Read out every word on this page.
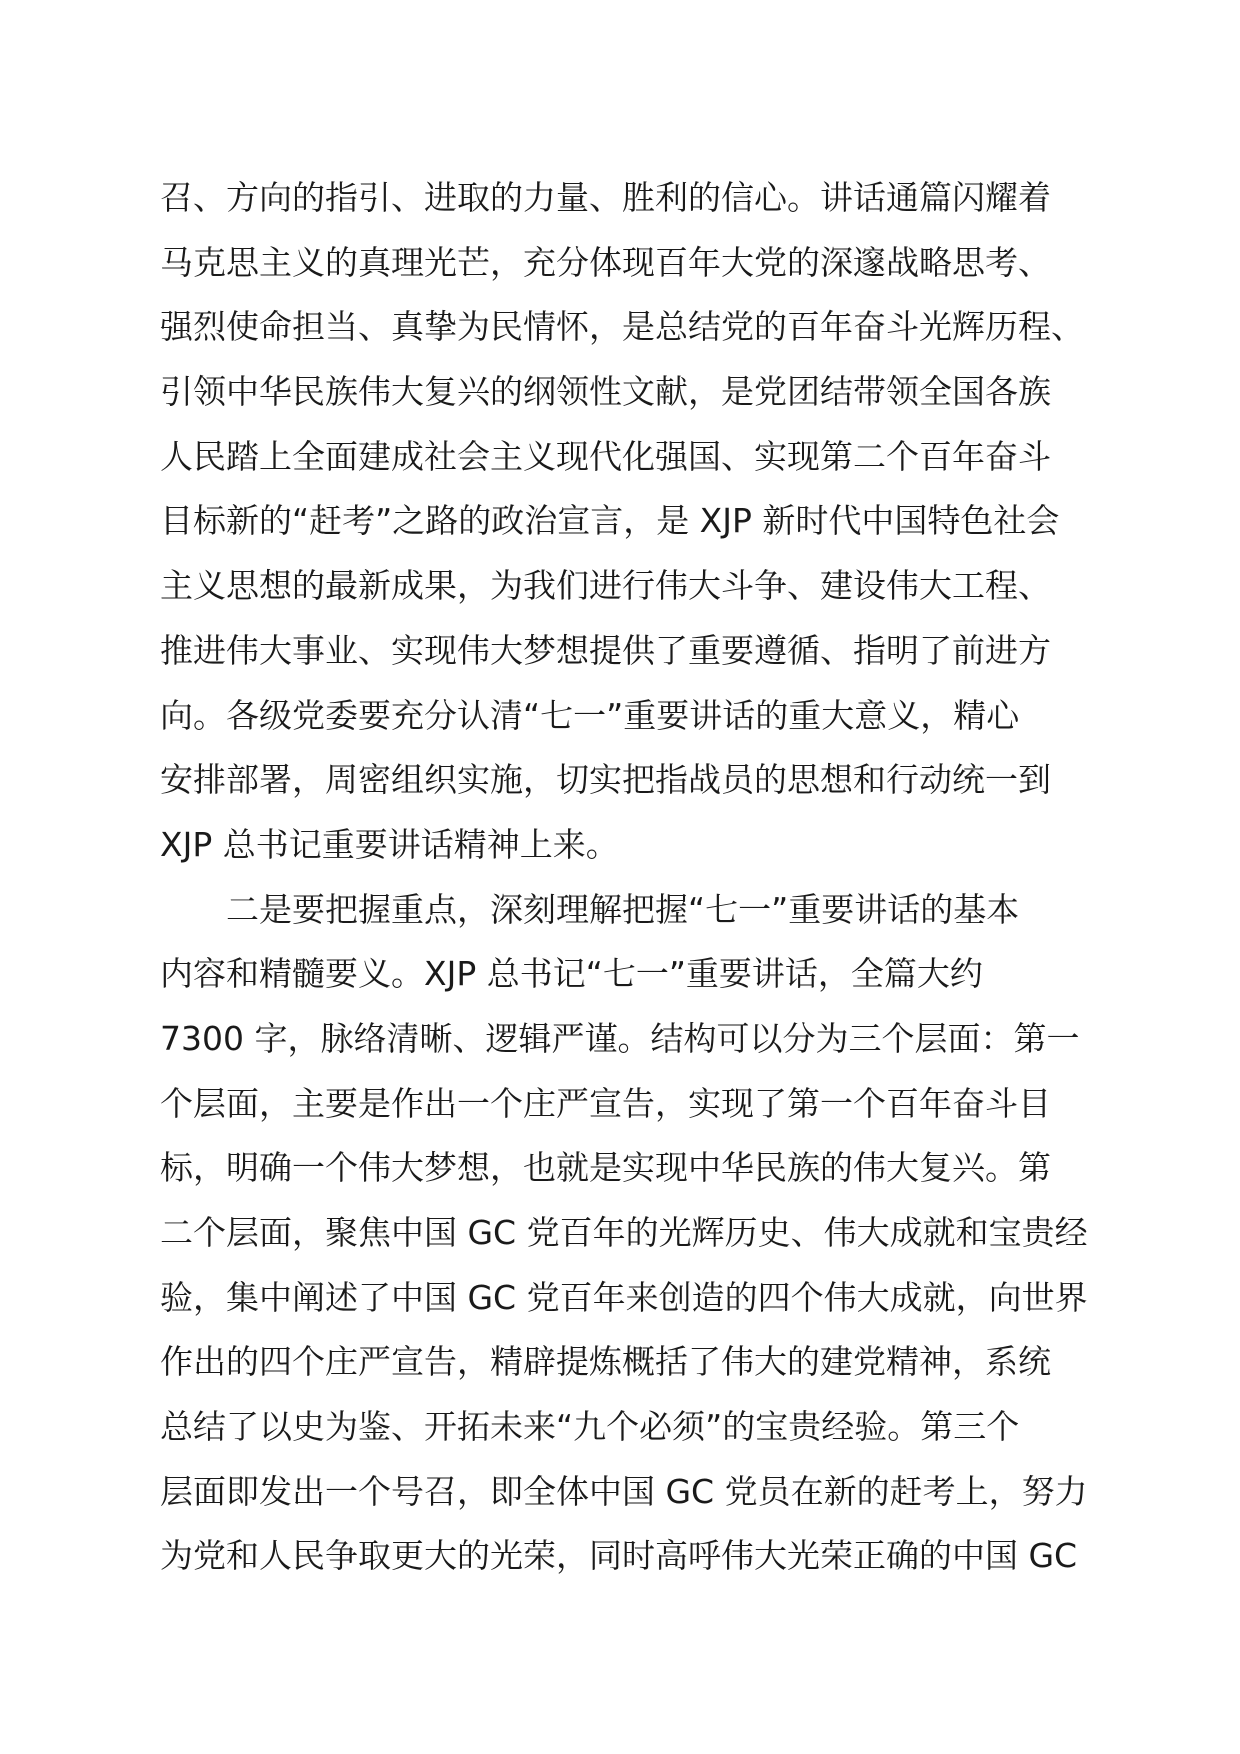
召、方向的指引、进取的力量、胜利的信心。讲话通篇闪耀着
马克思主义的真理光芒，充分体现百年大党的深邃战略思考、
强烈使命担当、真挚为民情怀，是总结党的百年奋斗光辉历程、
引领中华民族伟大复兴的纲领性文献，是党团结带领全国各族
人民踏上全面建成社会主义现代化强国、实现第二个百年奋斗
目标新的“赶考”之路的政治宣言，是 XJP 新时代中国特色社会
主义思想的最新成果，为我们进行伟大斗争、建设伟大工程、
推进伟大事业、实现伟大梦想提供了重要遵循、指明了前进方
向。各级党委要充分认清“七一”重要讲话的重大意义，精心
安排部署，周密组织实施，切实把指战员的思想和行动统一到
XJP 总书记重要讲话精神上来。
二是要把握重点，深刻理解把握“七一”重要讲话的基本
内容和精髓要义。XJP 总书记“七一”重要讲话，全篇大约
7300 字，脉络清晰、逻辑严谨。结构可以分为三个层面：第一
个层面，主要是作出一个庄严宣告，实现了第一个百年奋斗目
标，明确一个伟大梦想，也就是实现中华民族的伟大复兴。第
二个层面，聚焦中国 GC 党百年的光辉历史、伟大成就和宝贵经
验，集中阐述了中国 GC 党百年来创造的四个伟大成就，向世界
作出的四个庄严宣告，精辟提炼概括了伟大的建党精神，系统
总结了以史为鉴、开拓未来“九个必须”的宝贵经验。第三个
层面即发出一个号召，即全体中国 GC 党员在新的赶考上，努力
为党和人民争取更大的光荣，同时高呼伟大光荣正确的中国 GC
